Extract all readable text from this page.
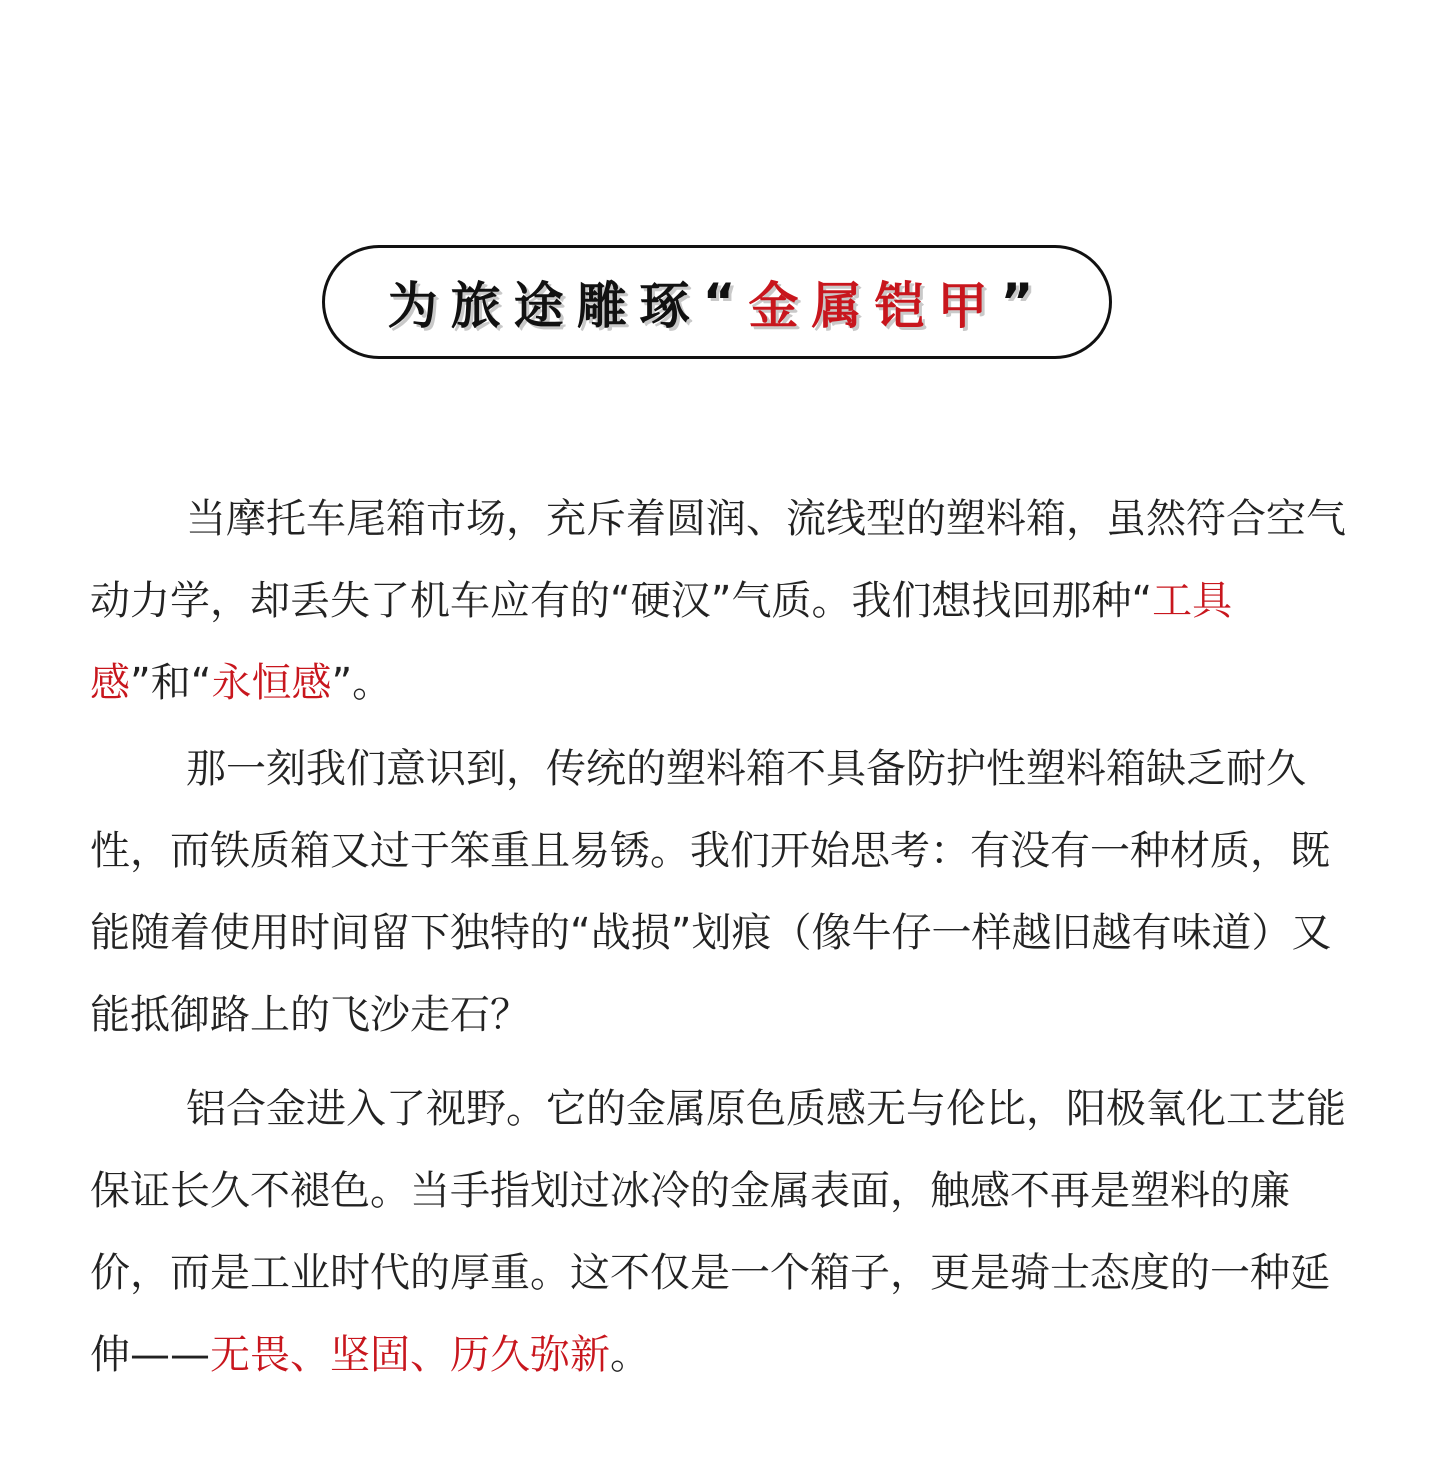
为旅途雕琢 “ 金属铠甲 ”

当摩托车尾箱市场，充斥着圆润、流线型的塑料箱，虽然符合空气动力学，却丢失了机车应有的“硬汉”气质。我们想找回那种“工具感”和“永恒感”。

那一刻我们意识到，传统的塑料箱不具备防护性塑料箱缺乏耐久性，而铁质箱又过于笨重且易锈。我们开始思考：有没有一种材质，既能随着使用时间留下独特的“战损”划痕（像牛仔一样越旧越有味道）又能抵御路上的飞沙走石？

铝合金进入了视野。它的金属原色质感无与伦比，阳极氧化工艺能保证长久不褪色。当手指划过冰冷的金属表面，触感不再是塑料的廉价，而是工业时代的厚重。这不仅是一个箱子，更是骑士态度的一种延伸——无畏、坚固、历久弥新。
